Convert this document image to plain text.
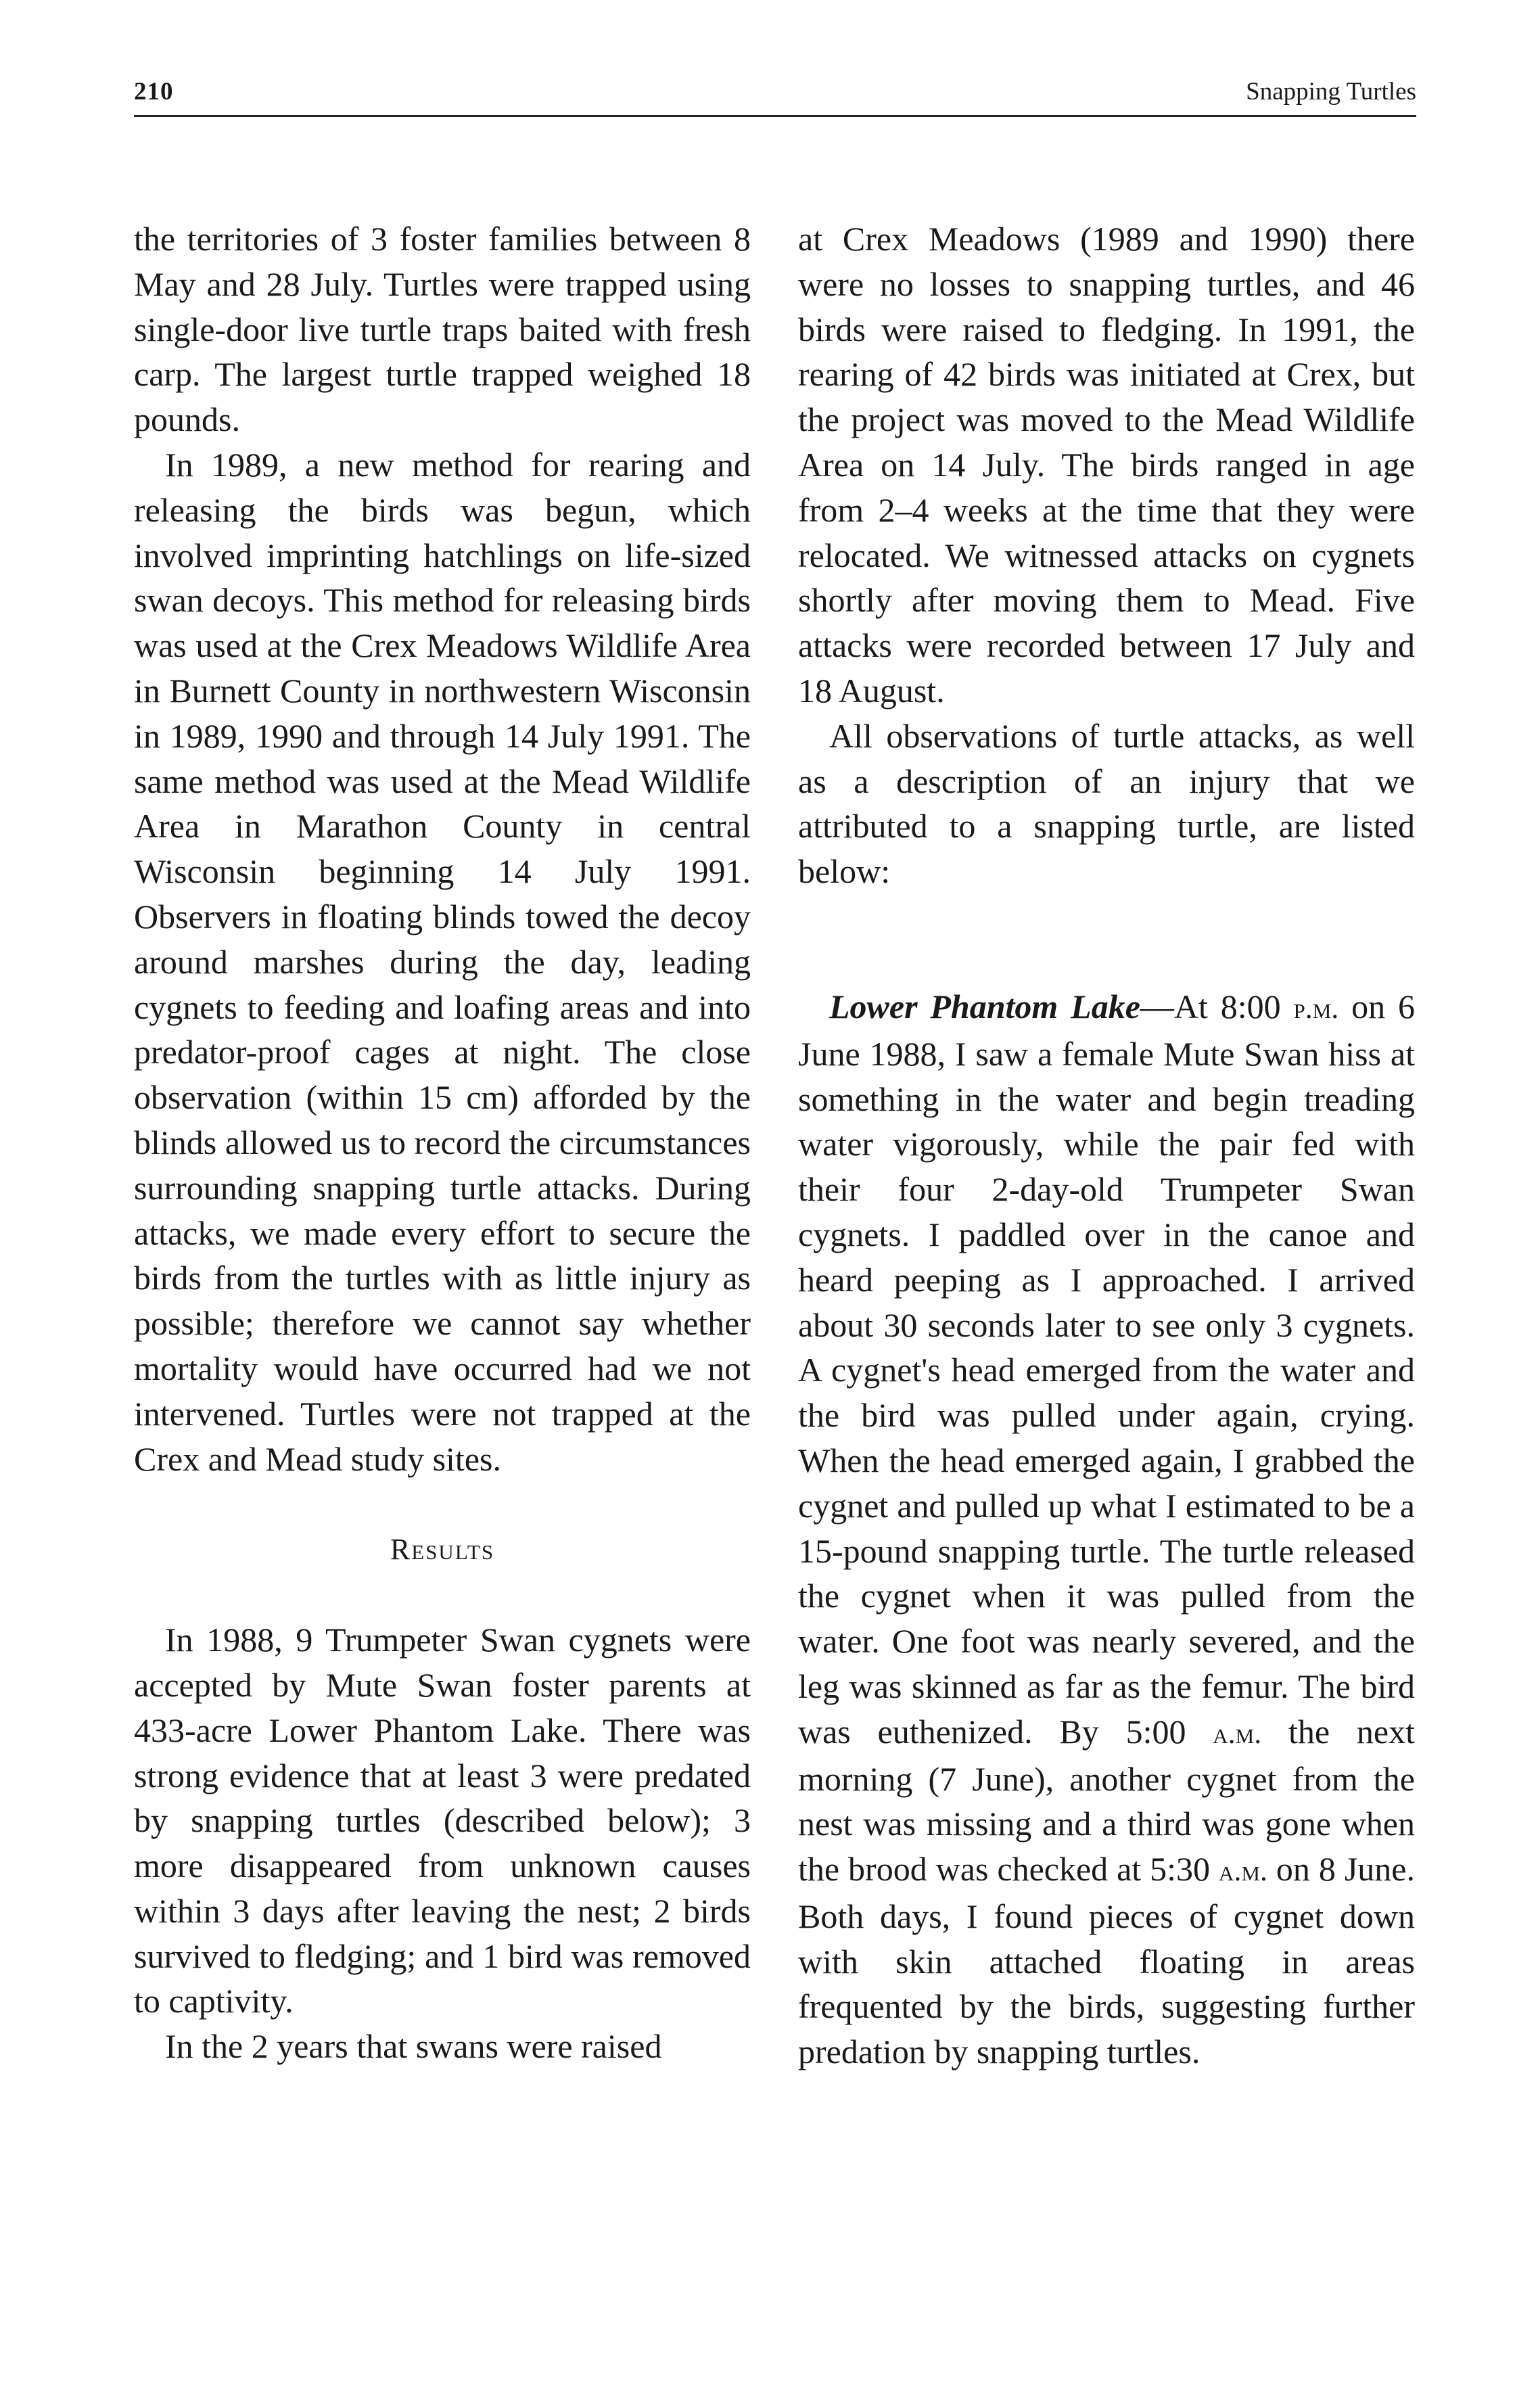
210	Snapping Turtles

the territories of 3 foster families between 8 May and 28 July. Turtles were trapped using single-door live turtle traps baited with fresh carp. The largest turtle trapped weighed 18 pounds.

In 1989, a new method for rearing and releasing the birds was begun, which involved imprinting hatchlings on life-sized swan decoys. This method for releasing birds was used at the Crex Meadows Wildlife Area in Burnett County in northwestern Wisconsin in 1989, 1990 and through 14 July 1991. The same method was used at the Mead Wildlife Area in Marathon County in central Wisconsin beginning 14 July 1991. Observers in floating blinds towed the decoy around marshes during the day, leading cygnets to feeding and loafing areas and into predator-proof cages at night. The close observation (within 15 cm) afforded by the blinds allowed us to record the circumstances surrounding snapping turtle attacks. During attacks, we made every effort to secure the birds from the turtles with as little injury as possible; therefore we cannot say whether mortality would have occurred had we not intervened. Turtles were not trapped at the Crex and Mead study sites.

Results

In 1988, 9 Trumpeter Swan cygnets were accepted by Mute Swan foster parents at 433-acre Lower Phantom Lake. There was strong evidence that at least 3 were predated by snapping turtles (described below); 3 more disappeared from unknown causes within 3 days after leaving the nest; 2 birds survived to fledging; and 1 bird was removed to captivity.

In the 2 years that swans were raised

at Crex Meadows (1989 and 1990) there were no losses to snapping turtles, and 46 birds were raised to fledging. In 1991, the rearing of 42 birds was initiated at Crex, but the project was moved to the Mead Wildlife Area on 14 July. The birds ranged in age from 2–4 weeks at the time that they were relocated. We witnessed attacks on cygnets shortly after moving them to Mead. Five attacks were recorded between 17 July and 18 August.

All observations of turtle attacks, as well as a description of an injury that we attributed to a snapping turtle, are listed below:

Lower Phantom Lake—At 8:00 p.m. on 6 June 1988, I saw a female Mute Swan hiss at something in the water and begin treading water vigorously, while the pair fed with their four 2-day-old Trumpeter Swan cygnets. I paddled over in the canoe and heard peeping as I approached. I arrived about 30 seconds later to see only 3 cygnets. A cygnet's head emerged from the water and the bird was pulled under again, crying. When the head emerged again, I grabbed the cygnet and pulled up what I estimated to be a 15-pound snapping turtle. The turtle released the cygnet when it was pulled from the water. One foot was nearly severed, and the leg was skinned as far as the femur. The bird was euthenized. By 5:00 a.m. the next morning (7 June), another cygnet from the nest was missing and a third was gone when the brood was checked at 5:30 a.m. on 8 June. Both days, I found pieces of cygnet down with skin attached floating in areas frequented by the birds, suggesting further predation by snapping turtles.
